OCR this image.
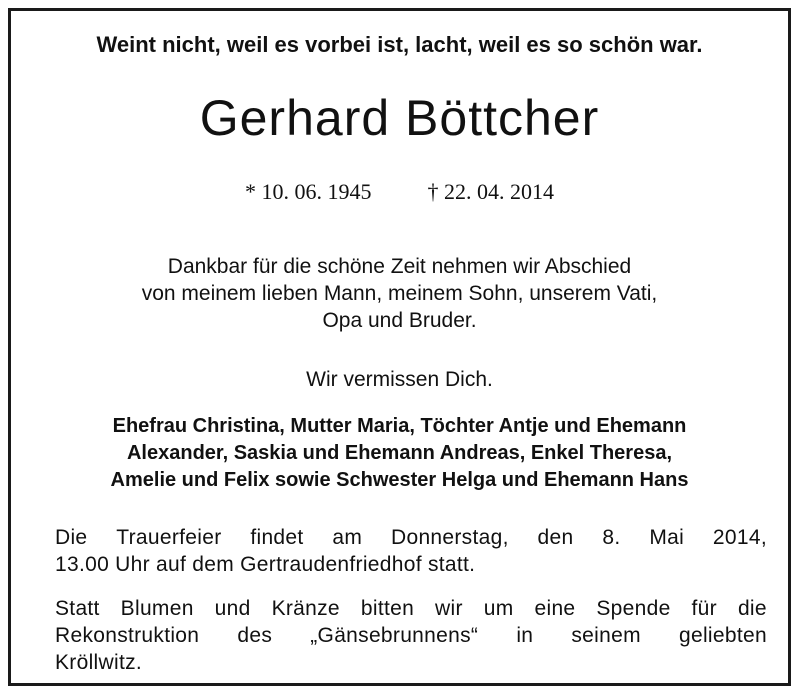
Weint nicht, weil es vorbei ist, lacht, weil es so schön war.
Gerhard Böttcher
* 10. 06. 1945	† 22. 04. 2014
Dankbar für die schöne Zeit nehmen wir Abschied
von meinem lieben Mann, meinem Sohn, unserem Vati,
Opa und Bruder.
Wir vermissen Dich.
Ehefrau Christina, Mutter Maria, Töchter Antje und Ehemann
Alexander, Saskia und Ehemann Andreas, Enkel Theresa,
Amelie und Felix sowie Schwester Helga und Ehemann Hans
Die Trauerfeier findet am Donnerstag, den 8. Mai 2014,
13.00 Uhr auf dem Gertraudenfriedhof statt.
Statt Blumen und Kränze bitten wir um eine Spende für die
Rekonstruktion des „Gänsebrunnens“ in seinem geliebten
Kröllwitz.
